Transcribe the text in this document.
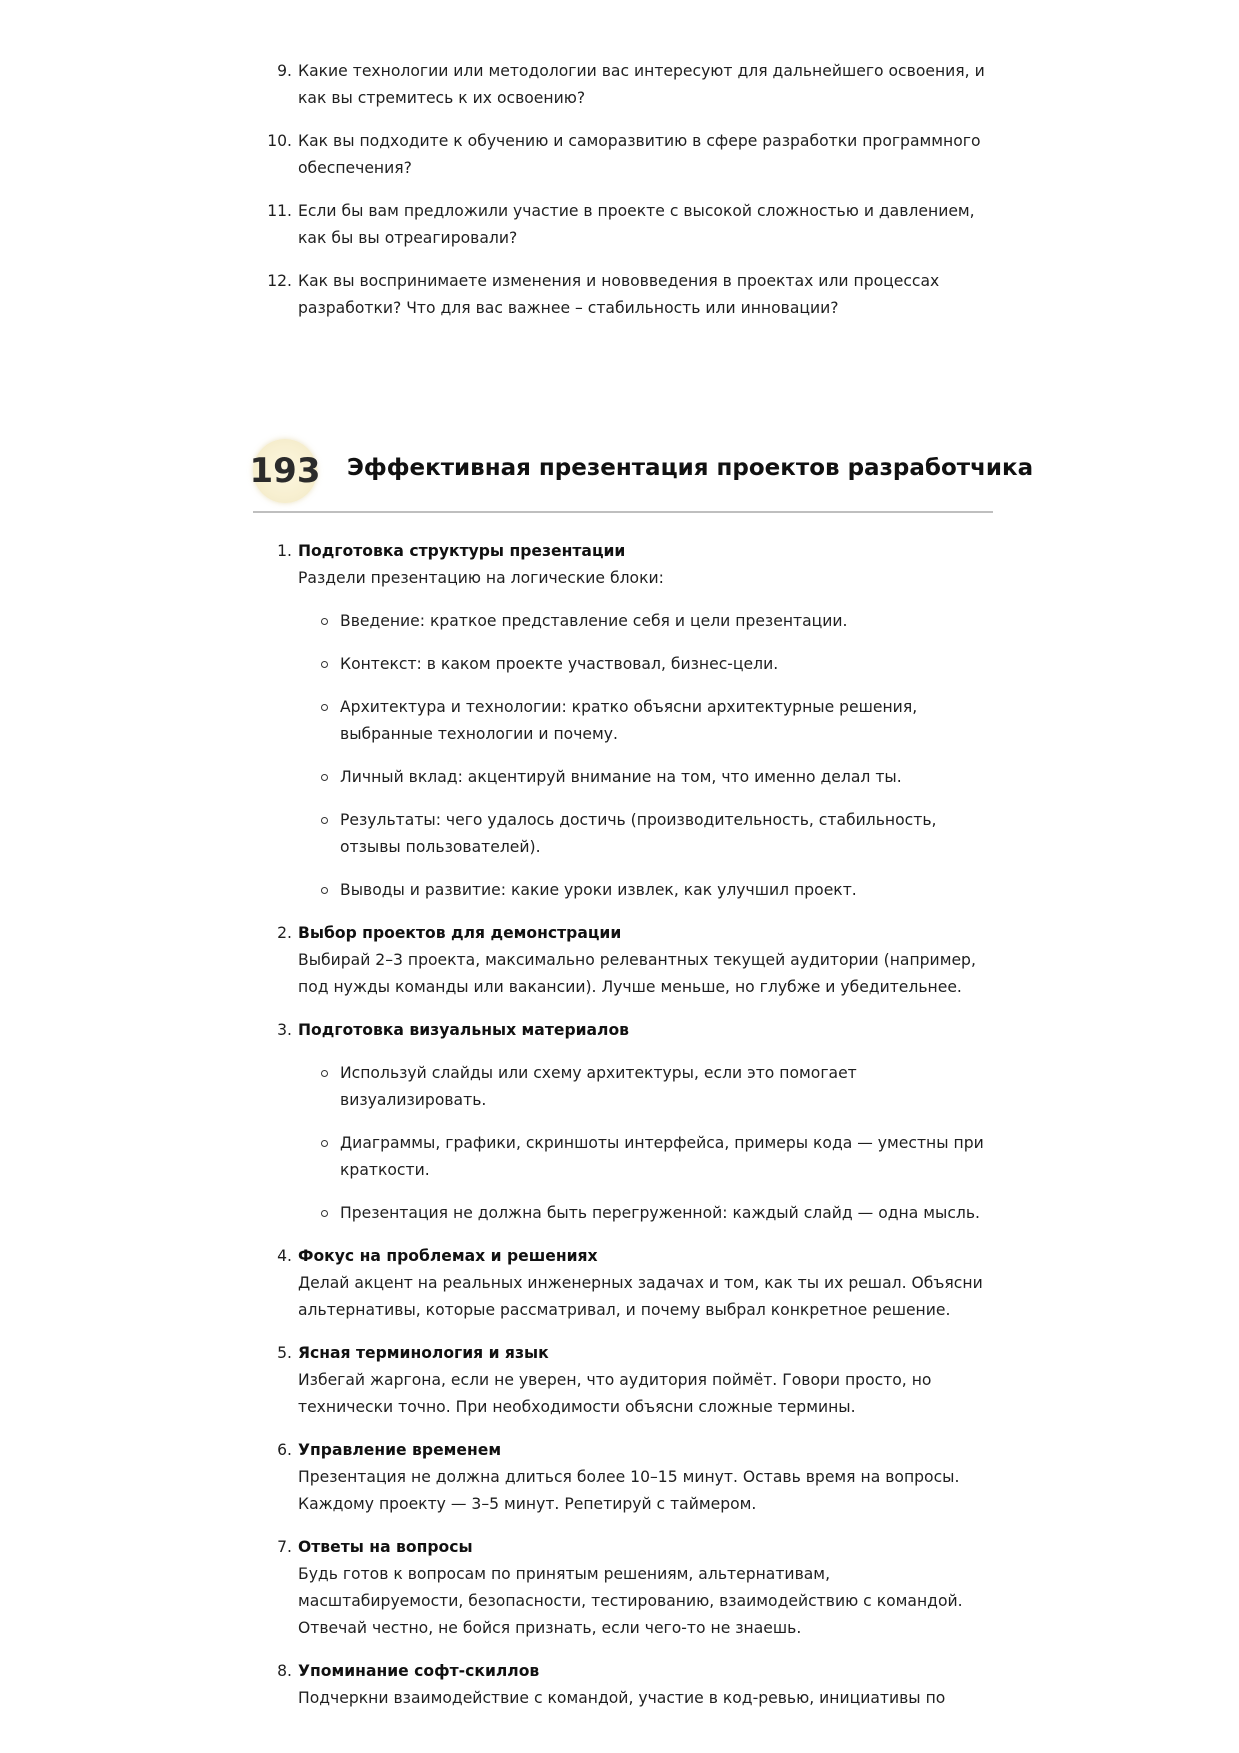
9. Какие технологии или методологии вас интересуют для дальнейшего освоения, и как вы стремитесь к их освоению?
10. Как вы подходите к обучению и саморазвитию в сфере разработки программного обеспечения?
11. Если бы вам предложили участие в проекте с высокой сложностью и давлением, как бы вы отреагировали?
12. Как вы воспринимаете изменения и нововведения в проектах или процессах разработки? Что для вас важнее – стабильность или инновации?
193 Эффективная презентация проектов разработчика
1. Подготовка структуры презентации
Раздели презентацию на логические блоки:
Введение: краткое представление себя и цели презентации.
Контекст: в каком проекте участвовал, бизнес-цели.
Архитектура и технологии: кратко объясни архитектурные решения, выбранные технологии и почему.
Личный вклад: акцентируй внимание на том, что именно делал ты.
Результаты: чего удалось достичь (производительность, стабильность, отзывы пользователей).
Выводы и развитие: какие уроки извлек, как улучшил проект.
2. Выбор проектов для демонстрации
Выбирай 2–3 проекта, максимально релевантных текущей аудитории (например, под нужды команды или вакансии). Лучше меньше, но глубже и убедительнее.
3. Подготовка визуальных материалов
Используй слайды или схему архитектуры, если это помогает визуализировать.
Диаграммы, графики, скриншоты интерфейса, примеры кода — уместны при краткости.
Презентация не должна быть перегруженной: каждый слайд — одна мысль.
4. Фокус на проблемах и решениях
Делай акцент на реальных инженерных задачах и том, как ты их решал. Объясни альтернативы, которые рассматривал, и почему выбрал конкретное решение.
5. Ясная терминология и язык
Избегай жаргона, если не уверен, что аудитория поймёт. Говори просто, но технически точно. При необходимости объясни сложные термины.
6. Управление временем
Презентация не должна длиться более 10–15 минут. Оставь время на вопросы. Каждому проекту — 3–5 минут. Репетируй с таймером.
7. Ответы на вопросы
Будь готов к вопросам по принятым решениям, альтернативам, масштабируемости, безопасности, тестированию, взаимодействию с командой. Отвечай честно, не бойся признать, если чего-то не знаешь.
8. Упоминание софт-скиллов
Подчеркни взаимодействие с командой, участие в код-ревью, инициативы по
